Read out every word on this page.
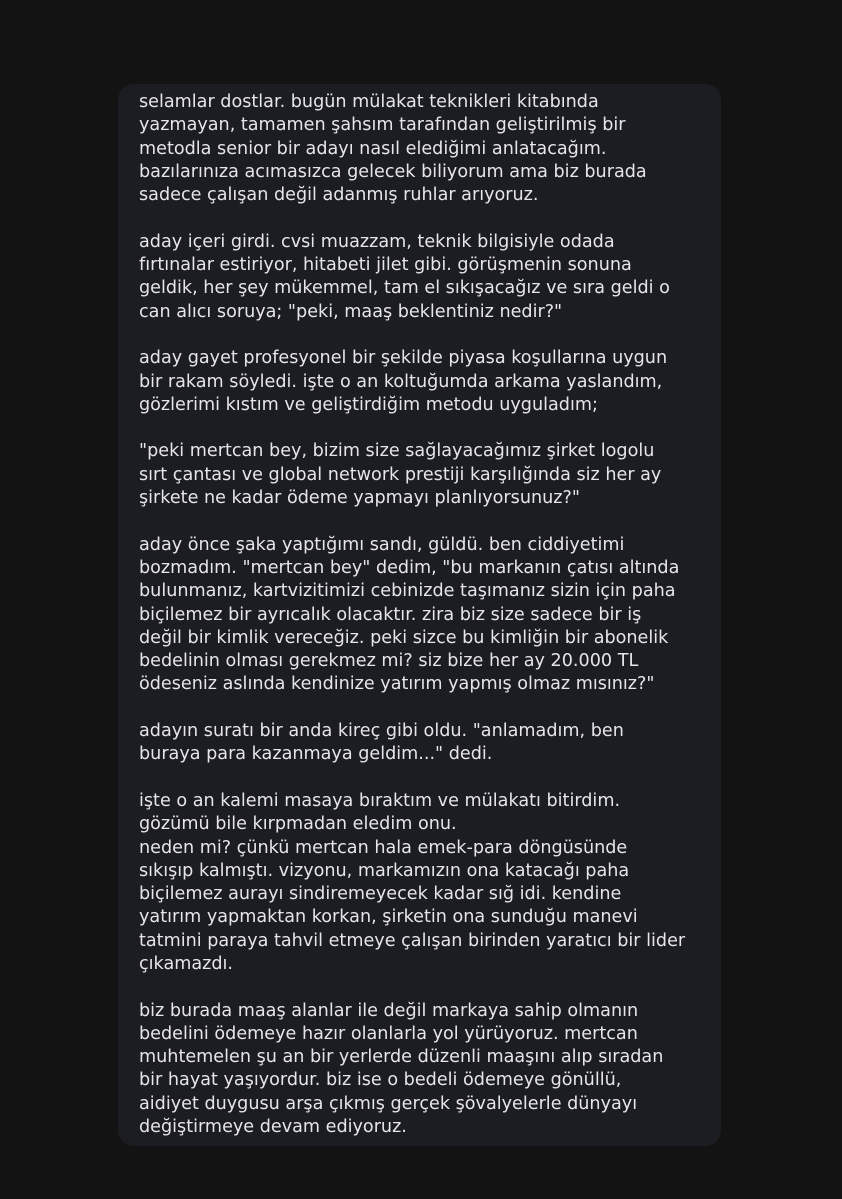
selamlar dostlar. bugün mülakat teknikleri kitabında
yazmayan, tamamen şahsım tarafından geliştirilmiş bir
metodla senior bir adayı nasıl elediğimi anlatacağım.
bazılarınıza acımasızca gelecek biliyorum ama biz burada
sadece çalışan değil adanmış ruhlar arıyoruz.
aday içeri girdi. cvsi muazzam, teknik bilgisiyle odada
fırtınalar estiriyor, hitabeti jilet gibi. görüşmenin sonuna
geldik, her şey mükemmel, tam el sıkışacağız ve sıra geldi o
can alıcı soruya; "peki, maaş beklentiniz nedir?"
aday gayet profesyonel bir şekilde piyasa koşullarına uygun
bir rakam söyledi. işte o an koltuğumda arkama yaslandım,
gözlerimi kıstım ve geliştirdiğim metodu uyguladım;
"peki mertcan bey, bizim size sağlayacağımız şirket logolu
sırt çantası ve global network prestiji karşılığında siz her ay
şirkete ne kadar ödeme yapmayı planlıyorsunuz?"
aday önce şaka yaptığımı sandı, güldü. ben ciddiyetimi
bozmadım. "mertcan bey" dedim, "bu markanın çatısı altında
bulunmanız, kartvizitimizi cebinizde taşımanız sizin için paha
biçilemez bir ayrıcalık olacaktır. zira biz size sadece bir iş
değil bir kimlik vereceğiz. peki sizce bu kimliğin bir abonelik
bedelinin olması gerekmez mi? siz bize her ay 20.000 TL
ödeseniz aslında kendinize yatırım yapmış olmaz mısınız?"
adayın suratı bir anda kireç gibi oldu. "anlamadım, ben
buraya para kazanmaya geldim..." dedi.
işte o an kalemi masaya bıraktım ve mülakatı bitirdim.
gözümü bile kırpmadan eledim onu.
neden mi? çünkü mertcan hala emek-para döngüsünde
sıkışıp kalmıştı. vizyonu, markamızın ona katacağı paha
biçilemez aurayı sindiremeyecek kadar sığ idi. kendine
yatırım yapmaktan korkan, şirketin ona sunduğu manevi
tatmini paraya tahvil etmeye çalışan birinden yaratıcı bir lider
çıkamazdı.
biz burada maaş alanlar ile değil markaya sahip olmanın
bedelini ödemeye hazır olanlarla yol yürüyoruz. mertcan
muhtemelen şu an bir yerlerde düzenli maaşını alıp sıradan
bir hayat yaşıyordur. biz ise o bedeli ödemeye gönüllü,
aidiyet duygusu arşa çıkmış gerçek şövalyelerle dünyayı
değiştirmeye devam ediyoruz.
